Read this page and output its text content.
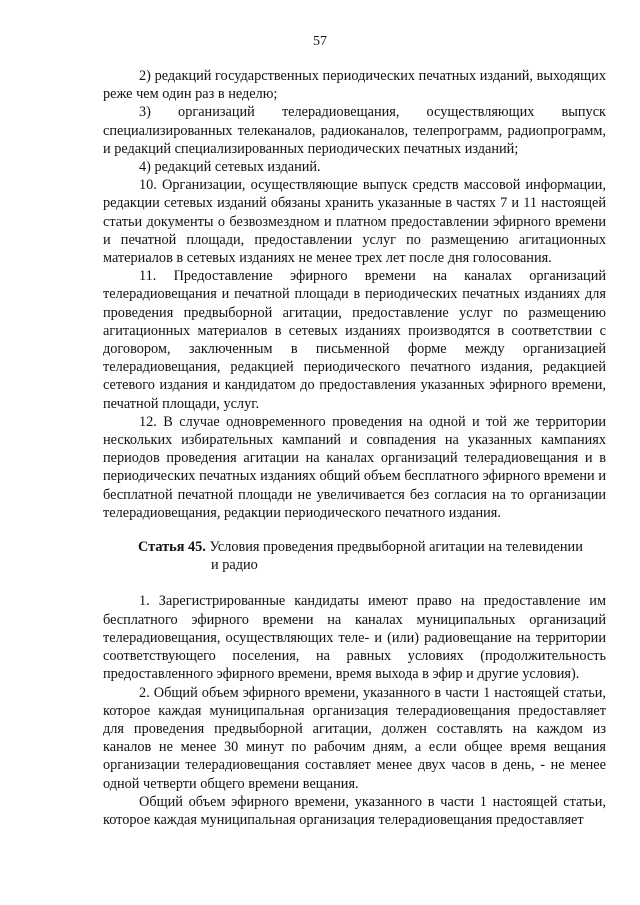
57

2) редакций государственных периодических печатных изданий, выходящих реже чем один раз в неделю;

3) организаций телерадиовещания, осуществляющих выпуск специализированных телеканалов, радиоканалов, телепрограмм, радиопрограмм, и редакций специализированных периодических печатных изданий;

4) редакций сетевых изданий.

10. Организации, осуществляющие выпуск средств массовой информации, редакции сетевых изданий обязаны хранить указанные в частях 7 и 11 настоящей статьи документы о безвозмездном и платном предоставлении эфирного времени и печатной площади, предоставлении услуг по размещению агитационных материалов в сетевых изданиях не менее трех лет после дня голосования.

11. Предоставление эфирного времени на каналах организаций телерадиовещания и печатной площади в периодических печатных изданиях для проведения предвыборной агитации, предоставление услуг по размещению агитационных материалов в сетевых изданиях производятся в соответствии с договором, заключенным в письменной форме между организацией телерадиовещания, редакцией периодического печатного издания, редакцией сетевого издания и кандидатом до предоставления указанных эфирного времени, печатной площади, услуг.

12. В случае одновременного проведения на одной и той же территории нескольких избирательных кампаний и совпадения на указанных кампаниях периодов проведения агитации на каналах организаций телерадиовещания и в периодических печатных изданиях общий объем бесплатного эфирного времени и бесплатной печатной площади не увеличивается без согласия на то организации телерадиовещания, редакции периодического печатного издания.

Статья 45. Условия проведения предвыборной агитации на телевидении
и радио

1. Зарегистрированные кандидаты имеют право на предоставление им бесплатного эфирного времени на каналах муниципальных организаций телерадиовещания, осуществляющих теле- и (или) радиовещание на территории соответствующего поселения, на равных условиях (продолжительность предоставленного эфирного времени, время выхода в эфир и другие условия).

2. Общий объем эфирного времени, указанного в части 1 настоящей статьи, которое каждая муниципальная организация телерадиовещания предоставляет для проведения предвыборной агитации, должен составлять на каждом из каналов не менее 30 минут по рабочим дням, а если общее время вещания организации телерадиовещания составляет менее двух часов в день, - не менее одной четверти общего времени вещания.

Общий объем эфирного времени, указанного в части 1 настоящей статьи, которое каждая муниципальная организация телерадиовещания предоставляет
